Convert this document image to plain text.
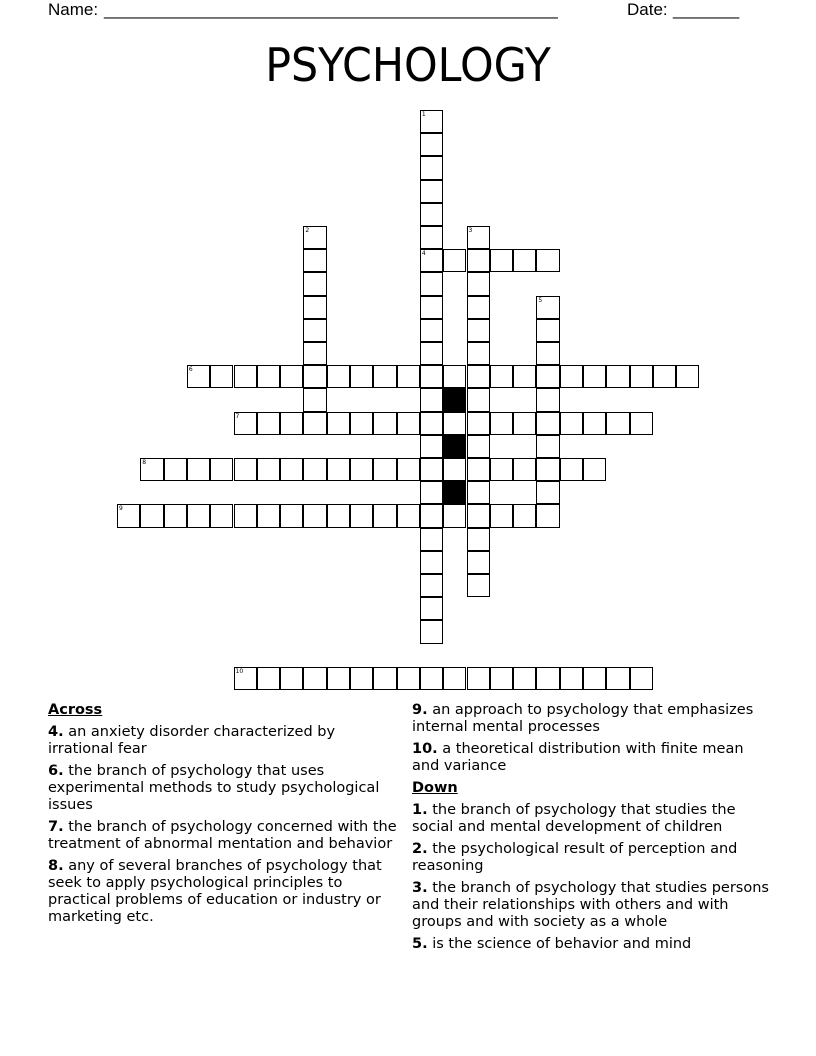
Name: ________________________________________________	Date: _______
PSYCHOLOGY
1
4
2	3
5
6
7
8
9
10
Across
4. an anxiety disorder characterized by irrational fear
6. the branch of psychology that uses experimental methods to study psychological issues
7. the branch of psychology concerned with the treatment of abnormal mentation and behavior
8. any of several branches of psychology that seek to apply psychological principles to practical problems of education or industry or marketing etc.
9. an approach to psychology that emphasizes internal mental processes
10. a theoretical distribution with finite mean and variance
Down
1. the branch of psychology that studies the social and mental development of children
2. the psychological result of perception and reasoning
3. the branch of psychology that studies persons and their relationships with others and with groups and with society as a whole
5. is the science of behavior and mind
